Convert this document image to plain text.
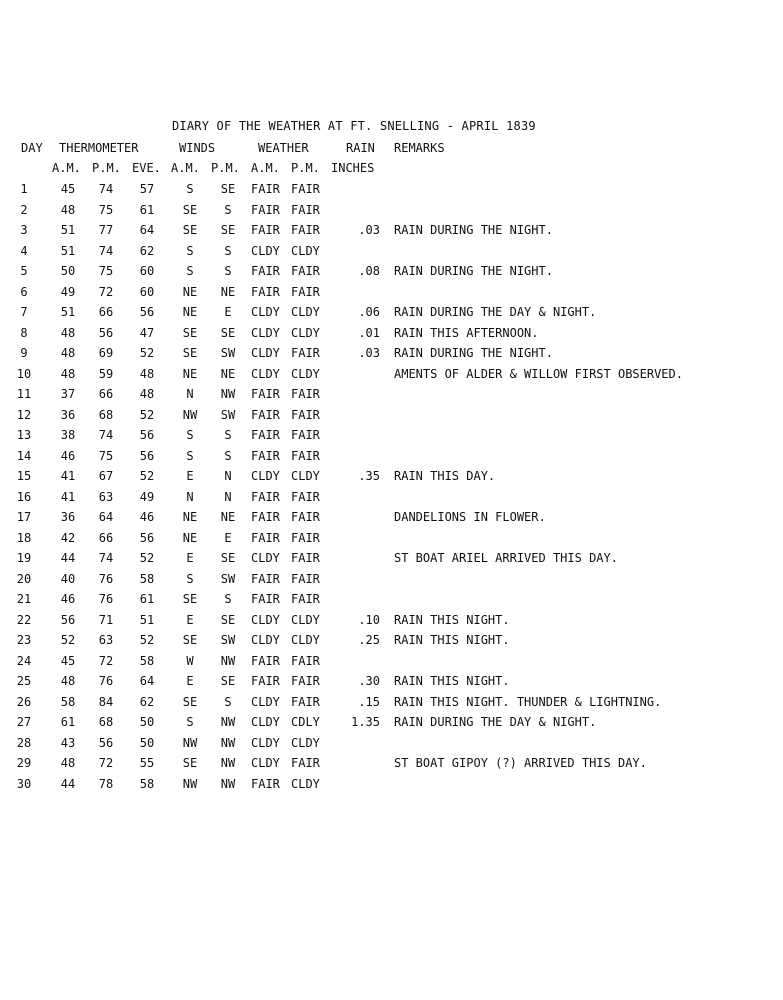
DIARY OF THE WEATHER AT FT. SNELLING - APRIL 1839
DAY THERMOMETER	WINDS	WEATHER	RAIN REMARKS
A.M. P.M. EVE. A.M. P.M. A.M. P.M. INCHES
1	45	74	57	S	SE	FAIR FAIR
2	48	75	61	SE	S	FAIR FAIR
3	51	77	64	SE	SE	FAIR FAIR	.03 RAIN DURING THE NIGHT.
4	51	74	62	S	S	CLDY CLDY
5	50	75	60	S	S	FAIR FAIR	.08 RAIN DURING THE NIGHT.
6	49	72	60	NE	NE	FAIR FAIR
7	51	66	56	NE	E	CLDY CLDY	.06 RAIN DURING THE DAY & NIGHT.
8	48	56	47	SE	SE	CLDY CLDY	.01 RAIN THIS AFTERNOON.
9	48	69	52	SE	SW	CLDY FAIR	.03 RAIN DURING THE NIGHT.
10	48	59	48	NE	NE	CLDY CLDY	AMENTS OF ALDER & WILLOW FIRST OBSERVED.
11	37	66	48	N	NW	FAIR FAIR
12	36	68	52	NW	SW	FAIR FAIR
13	38	74	56	S	S	FAIR FAIR
14	46	75	56	S	S	FAIR FAIR
15	41	67	52	E	N	CLDY CLDY	.35 RAIN THIS DAY.
16	41	63	49	N	N	FAIR FAIR
17	36	64	46	NE	NE	FAIR FAIR	DANDELIONS IN FLOWER.
18	42	66	56	NE	E	FAIR FAIR
19	44	74	52	E	SE	CLDY FAIR	ST BOAT ARIEL ARRIVED THIS DAY.
20	40	76	58	S	SW	FAIR FAIR
21	46	76	61	SE	S	FAIR FAIR
22	56	71	51	E	SE	CLDY CLDY	.10 RAIN THIS NIGHT.
23	52	63	52	SE	SW	CLDY CLDY	.25 RAIN THIS NIGHT.
24	45	72	58	W	NW	FAIR FAIR
25	48	76	64	E	SE	FAIR FAIR	.30 RAIN THIS NIGHT.
26	58	84	62	SE	S	CLDY FAIR	.15 RAIN THIS NIGHT. THUNDER & LIGHTNING.
27	61	68	50	S	NW	CLDY CDLY	1.35 RAIN DURING THE DAY & NIGHT.
28	43	56	50	NW	NW	CLDY CLDY
29	48	72	55	SE	NW	CLDY FAIR	ST BOAT GIPOY (?) ARRIVED THIS DAY.
30	44	78	58	NW	NW	FAIR CLDY
